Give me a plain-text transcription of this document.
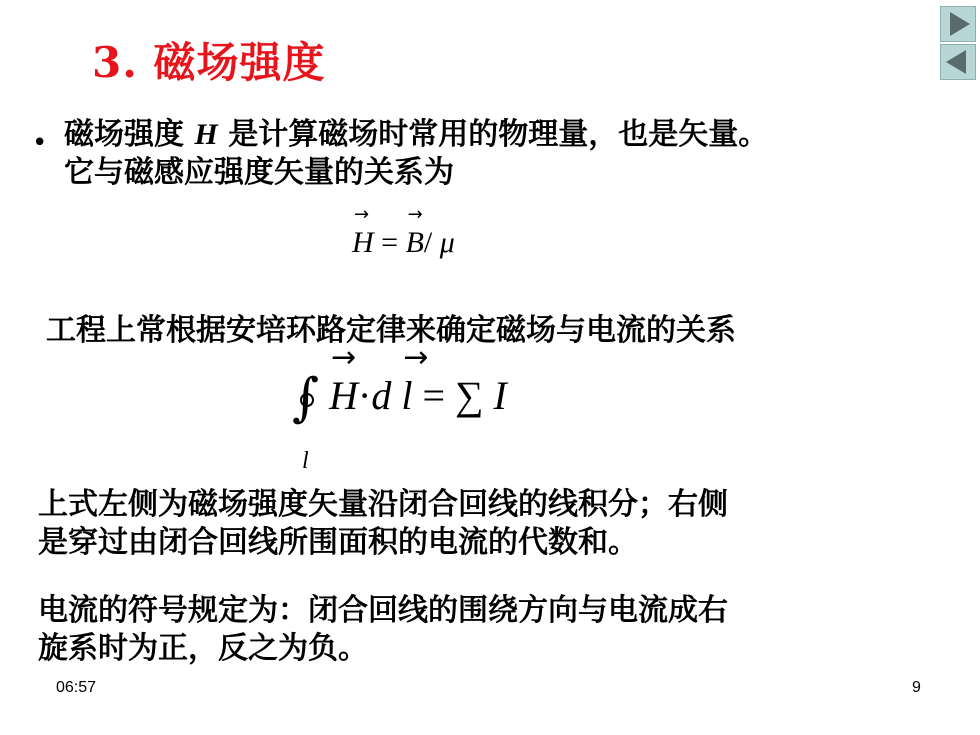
3. 磁场强度
• 磁场强度 H 是计算磁场时常用的物理量，也是矢量。
它与磁感应强度矢量的关系为
→
H =
→
B/ μ
工程上常根据安培环路定律来确定磁场与电流的关系
∫

→
H·d
→
l = ∑ I
l
上式左侧为磁场强度矢量沿闭合回线的线积分；右侧
是穿过由闭合回线所围面积的电流的代数和。
电流的符号规定为：闭合回线的围绕方向与电流成右
旋系时为正，反之为负。
06:57	9
